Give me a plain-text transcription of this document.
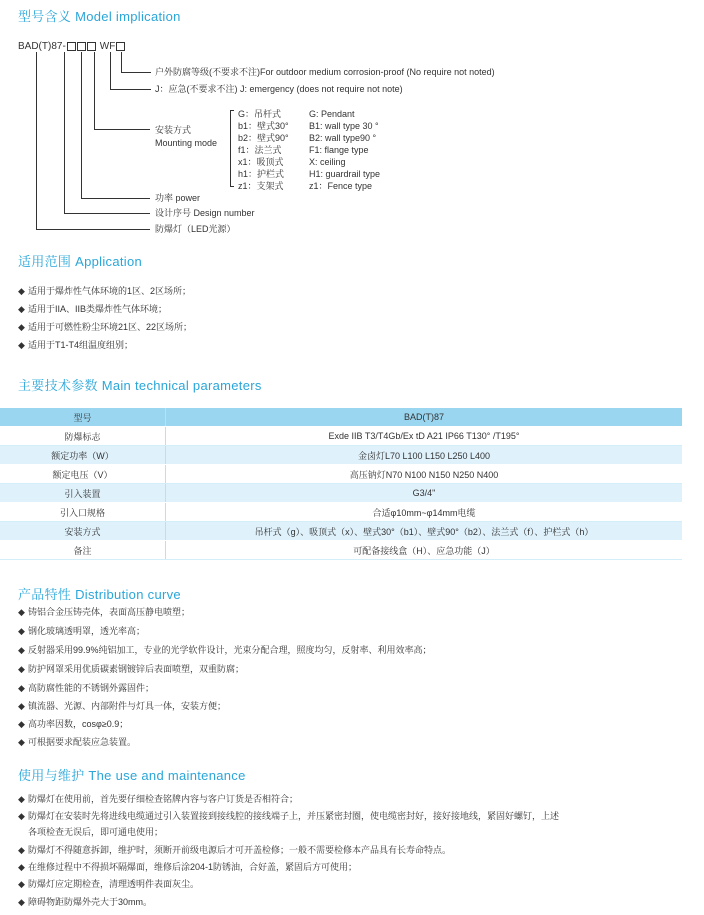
型号含义 Model implication
BAD(T)87-	WF
户外防腐等级(不要求不注)For outdoor medium corrosion-proof (No require not noted)
J：应急(不要求不注) J: emergency (does not require not note)
安装方式
Mounting mode
G：吊杆式	G: Pendant
b1：壁式30° B1: wall type 30 °
b2：壁式90° B2: wall type90 °
f1：法兰式	F1: flange type
x1：吸顶式	X: ceiling
h1：护栏式	H1: guardrail type
z1：支架式	z1：Fence type
功率 power
设计序号 Design number
防爆灯（LED光源）
适用范围 Application
◆ 适用于爆炸性气体环境的1区、2区场所；
◆ 适用于IIA、IIB类爆炸性气体环境；
◆ 适用于可燃性粉尘环境21区、22区场所；
◆ 适用于T1-T4组温度组别；
主要技术参数 Main technical parameters
型号	BAD(T)87
防爆标志	Exde IIB T3/T4Gb/Ex tD A21 IP66 T130° /T195°
额定功率（W）	金卤灯L70 L100 L150 L250 L400
额定电压（V）	高压钠灯N70 N100 N150 N250 N400
引入装置	G3/4"
引入口规格	合适φ10mm~φ14mm电缆
安装方式	吊杆式（g）、吸顶式（x）、壁式30°（b1）、壁式90°（b2）、法兰式（f）、护栏式（h）
备注	可配备接线盒（H）、应急功能（J）
产品特性 Distribution curve
◆ 铸铝合金压铸壳体，表面高压静电喷塑；
◆ 钢化玻璃透明罩，透光率高；
◆ 反射器采用99.9%纯铝加工，专业的光学软件设计，光束分配合理，照度均匀，反射率、利用效率高；
◆ 防护网罩采用优质碳素钢镀锌后表面喷塑，双重防腐；
◆ 高防腐性能的不锈钢外露固件；
◆ 镇流器、光源、内部附件与灯具一体，安装方便；
◆ 高功率因数，cosφ≥0.9；
◆ 可根据要求配装应急装置。
使用与维护 The use and maintenance
◆ 防爆灯在使用前，首先要仔细检查铭牌内容与客户订货是否相符合；
◆ 防爆灯在安装时先将进线电缆通过引入装置接到接线腔的接线端子上，并压紧密封圈，使电缆密封好，接好接地线，紧固好螺钉，上述
各项检查无误后，即可通电使用；
◆ 防爆灯不得随意拆卸，维护时，须断开前级电源后才可开盖检修；一般不需要检修本产品具有长寿命特点。
◆ 在维修过程中不得损坏隔爆面，维修后涂204-1防锈油，合好盖，紧固后方可使用；
◆ 防爆灯应定期检查，清理透明件表面灰尘。
◆ 障碍物距防爆外壳大于30mm。
